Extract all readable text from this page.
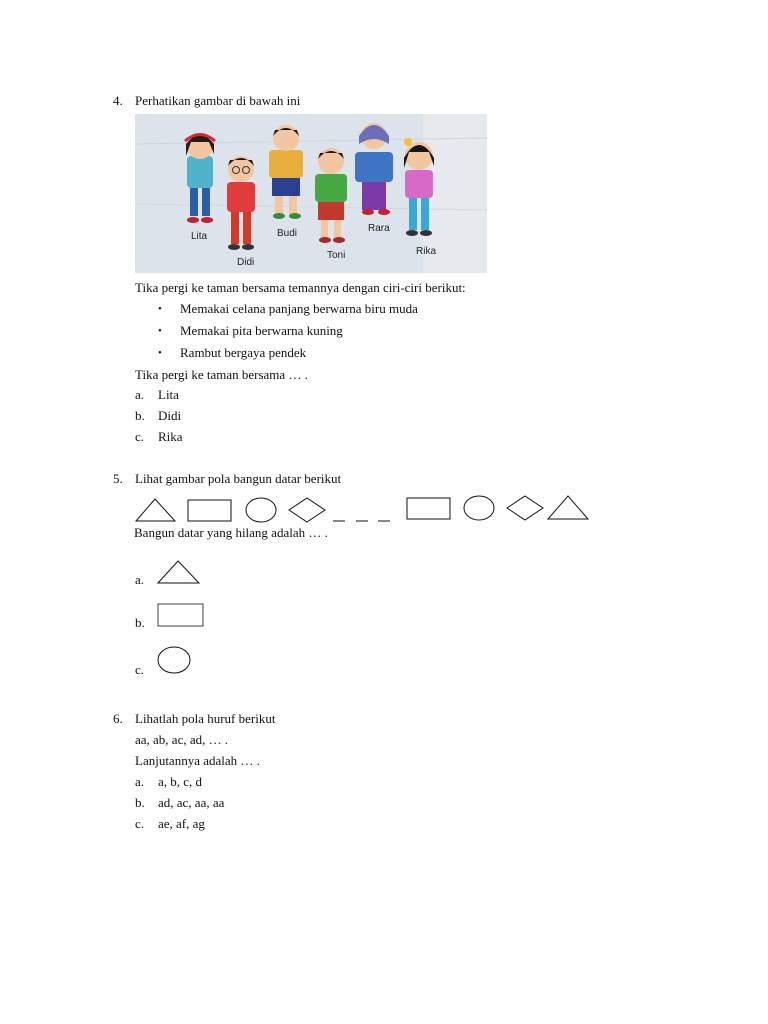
4. Perhatikan gambar di bawah ini
Lita
Didi
Budi
Toni
Rara
Rika
Tika pergi ke taman bersama temannya dengan ciri-ciri berikut:
• Memakai celana panjang berwarna biru muda
• Memakai pita berwarna kuning
• Rambut bergaya pendek
Tika pergi ke taman bersama … .
a. Lita
b. Didi
c. Rika
5. Lihat gambar pola bangun datar berikut
Bangun datar yang hilang adalah … .
a.
b.
c.
6. Lihatlah pola huruf berikut
aa, ab, ac, ad, … .
Lanjutannya adalah … .
a. a, b, c, d
b. ad, ac, aa, aa
c. ae, af, ag
